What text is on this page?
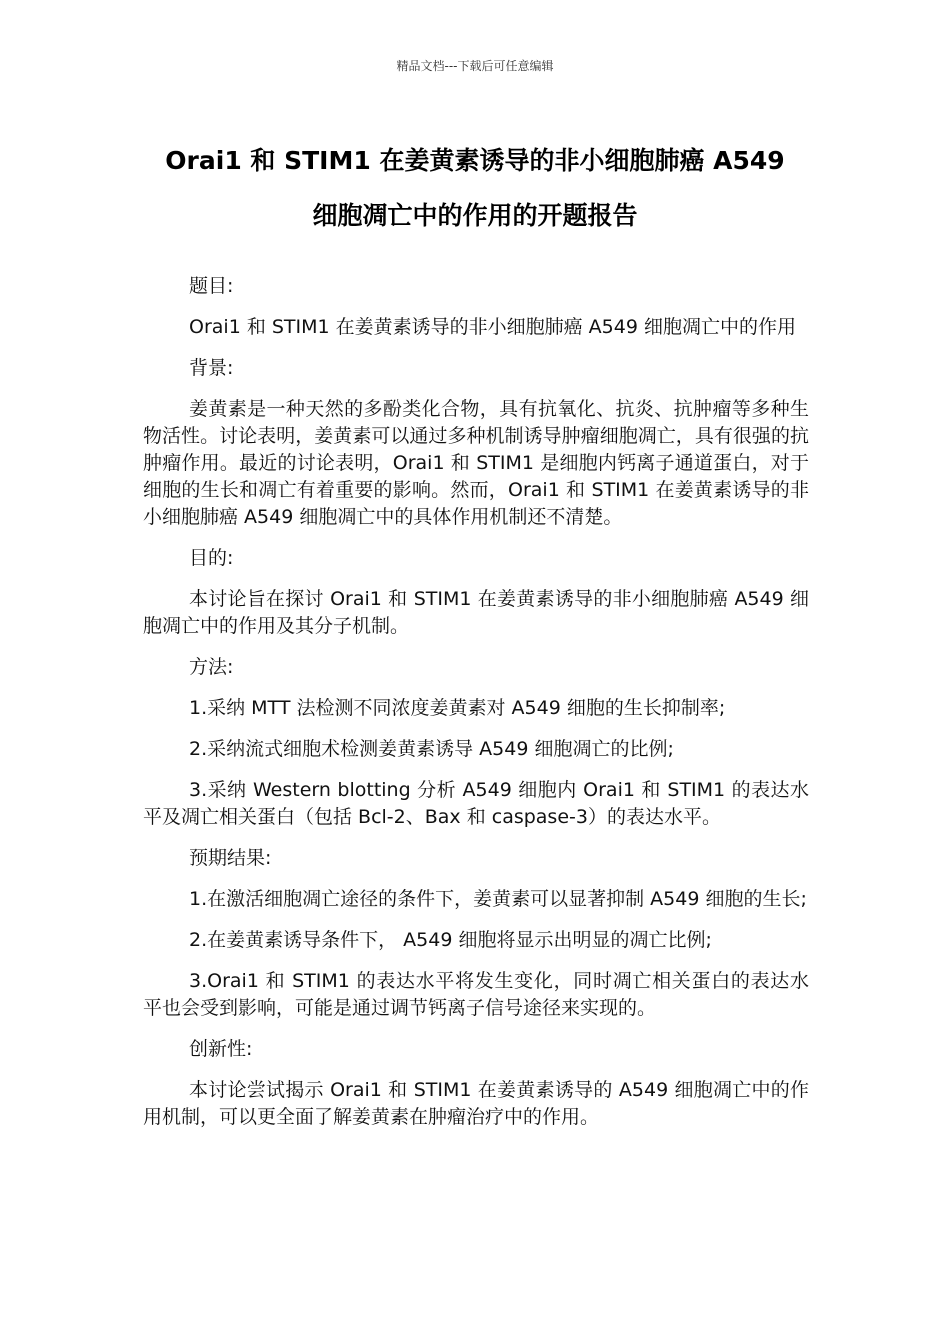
精品文档---下载后可任意编辑
Orai1 和 STIM1 在姜黄素诱导的非小细胞肺癌 A549
细胞凋亡中的作用的开题报告

题目:

Orai1 和 STIM1 在姜黄素诱导的非小细胞肺癌 A549 细胞凋亡中的作用

背景:

姜黄素是一种天然的多酚类化合物，具有抗氧化、抗炎、抗肿瘤等多种生物活性。讨论表明，姜黄素可以通过多种机制诱导肿瘤细胞凋亡，具有很强的抗肿瘤作用。最近的讨论表明，Orai1 和 STIM1 是细胞内钙离子通道蛋白，对于细胞的生长和凋亡有着重要的影响。然而，Orai1 和 STIM1 在姜黄素诱导的非小细胞肺癌 A549 细胞凋亡中的具体作用机制还不清楚。

目的:

本讨论旨在探讨 Orai1 和 STIM1 在姜黄素诱导的非小细胞肺癌 A549 细胞凋亡中的作用及其分子机制。

方法:

1.采纳 MTT 法检测不同浓度姜黄素对 A549 细胞的生长抑制率;

2.采纳流式细胞术检测姜黄素诱导 A549 细胞凋亡的比例;

3.采纳 Western blotting 分析 A549 细胞内 Orai1 和 STIM1 的表达水平及凋亡相关蛋白（包括 Bcl-2、Bax 和 caspase-3）的表达水平。

预期结果:

1.在激活细胞凋亡途径的条件下，姜黄素可以显著抑制 A549 细胞的生长;

2.在姜黄素诱导条件下， A549 细胞将显示出明显的凋亡比例;

3.Orai1 和 STIM1 的表达水平将发生变化，同时凋亡相关蛋白的表达水平也会受到影响，可能是通过调节钙离子信号途径来实现的。

创新性:

本讨论尝试揭示 Orai1 和 STIM1 在姜黄素诱导的 A549 细胞凋亡中的作用机制，可以更全面了解姜黄素在肿瘤治疗中的作用。
